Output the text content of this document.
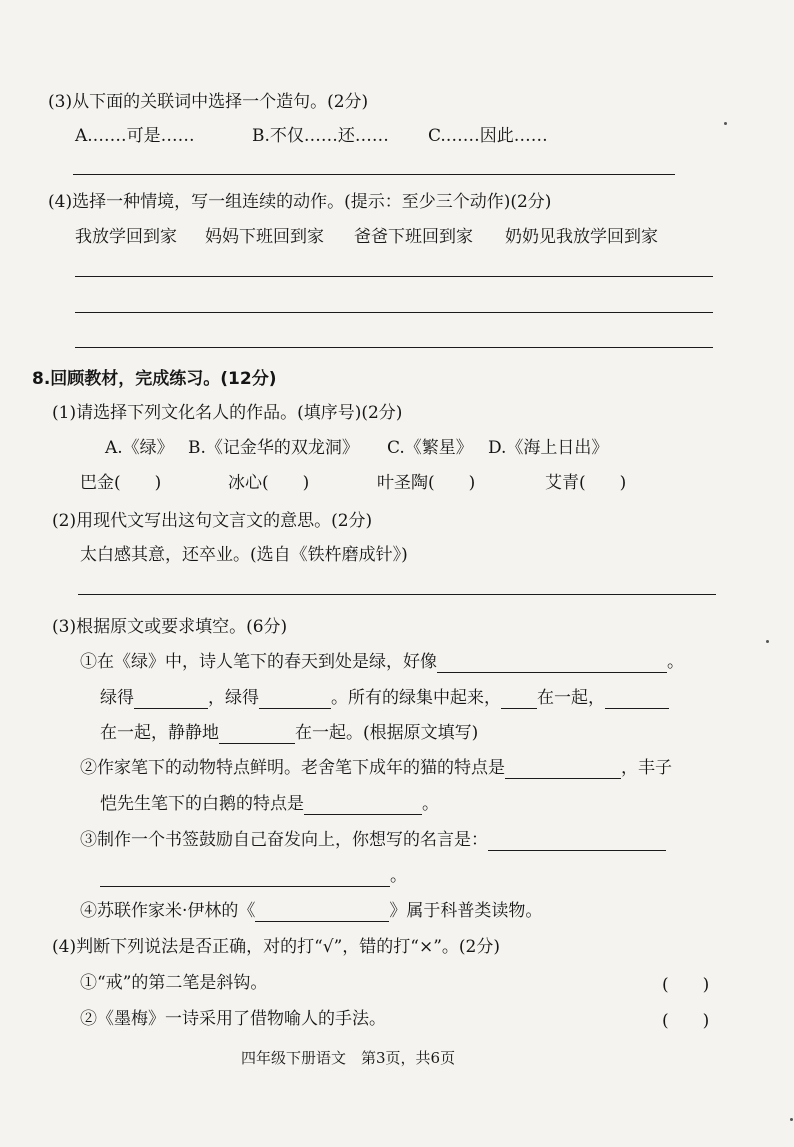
(3)从下面的关联词中选择一个造句。(2分)
A.……可是……	B.不仅……还…… C.……因此……
(4)选择一种情境，写一组连续的动作。(提示：至少三个动作)(2分)
我放学回到家 妈妈下班回到家 爸爸下班回到家 奶奶见我放学回到家
8.回顾教材，完成练习。(12分)
(1)请选择下列文化名人的作品。(填序号)(2分)
A.《绿》 B.《记金华的双龙洞》 C.《繁星》 D.《海上日出》
巴金(　　)	冰心(　　)	叶圣陶(　　)	艾青(　　)
(2)用现代文写出这句文言文的意思。(2分)
太白感其意，还卒业。(选自《铁杵磨成针》)
(3)根据原文或要求填空。(6分)
①在《绿》中，诗人笔下的春天到处是绿，好像	。
绿得	，绿得	。所有的绿集中起来， 在一起，
在一起，静静地	在一起。(根据原文填写)
②作家笔下的动物特点鲜明。老舍笔下成年的猫的特点是	，丰子
恺先生笔下的白鹅的特点是	。
③制作一个书签鼓励自己奋发向上，你想写的名言是：
。
④苏联作家米·伊林的《	》属于科普类读物。
(4)判断下列说法是否正确，对的打“√”，错的打“×”。(2分)
①“戒”的第二笔是斜钩。	(　　)
②《墨梅》一诗采用了借物喻人的手法。	(　　)
四年级下册语文　第3页，共6页
